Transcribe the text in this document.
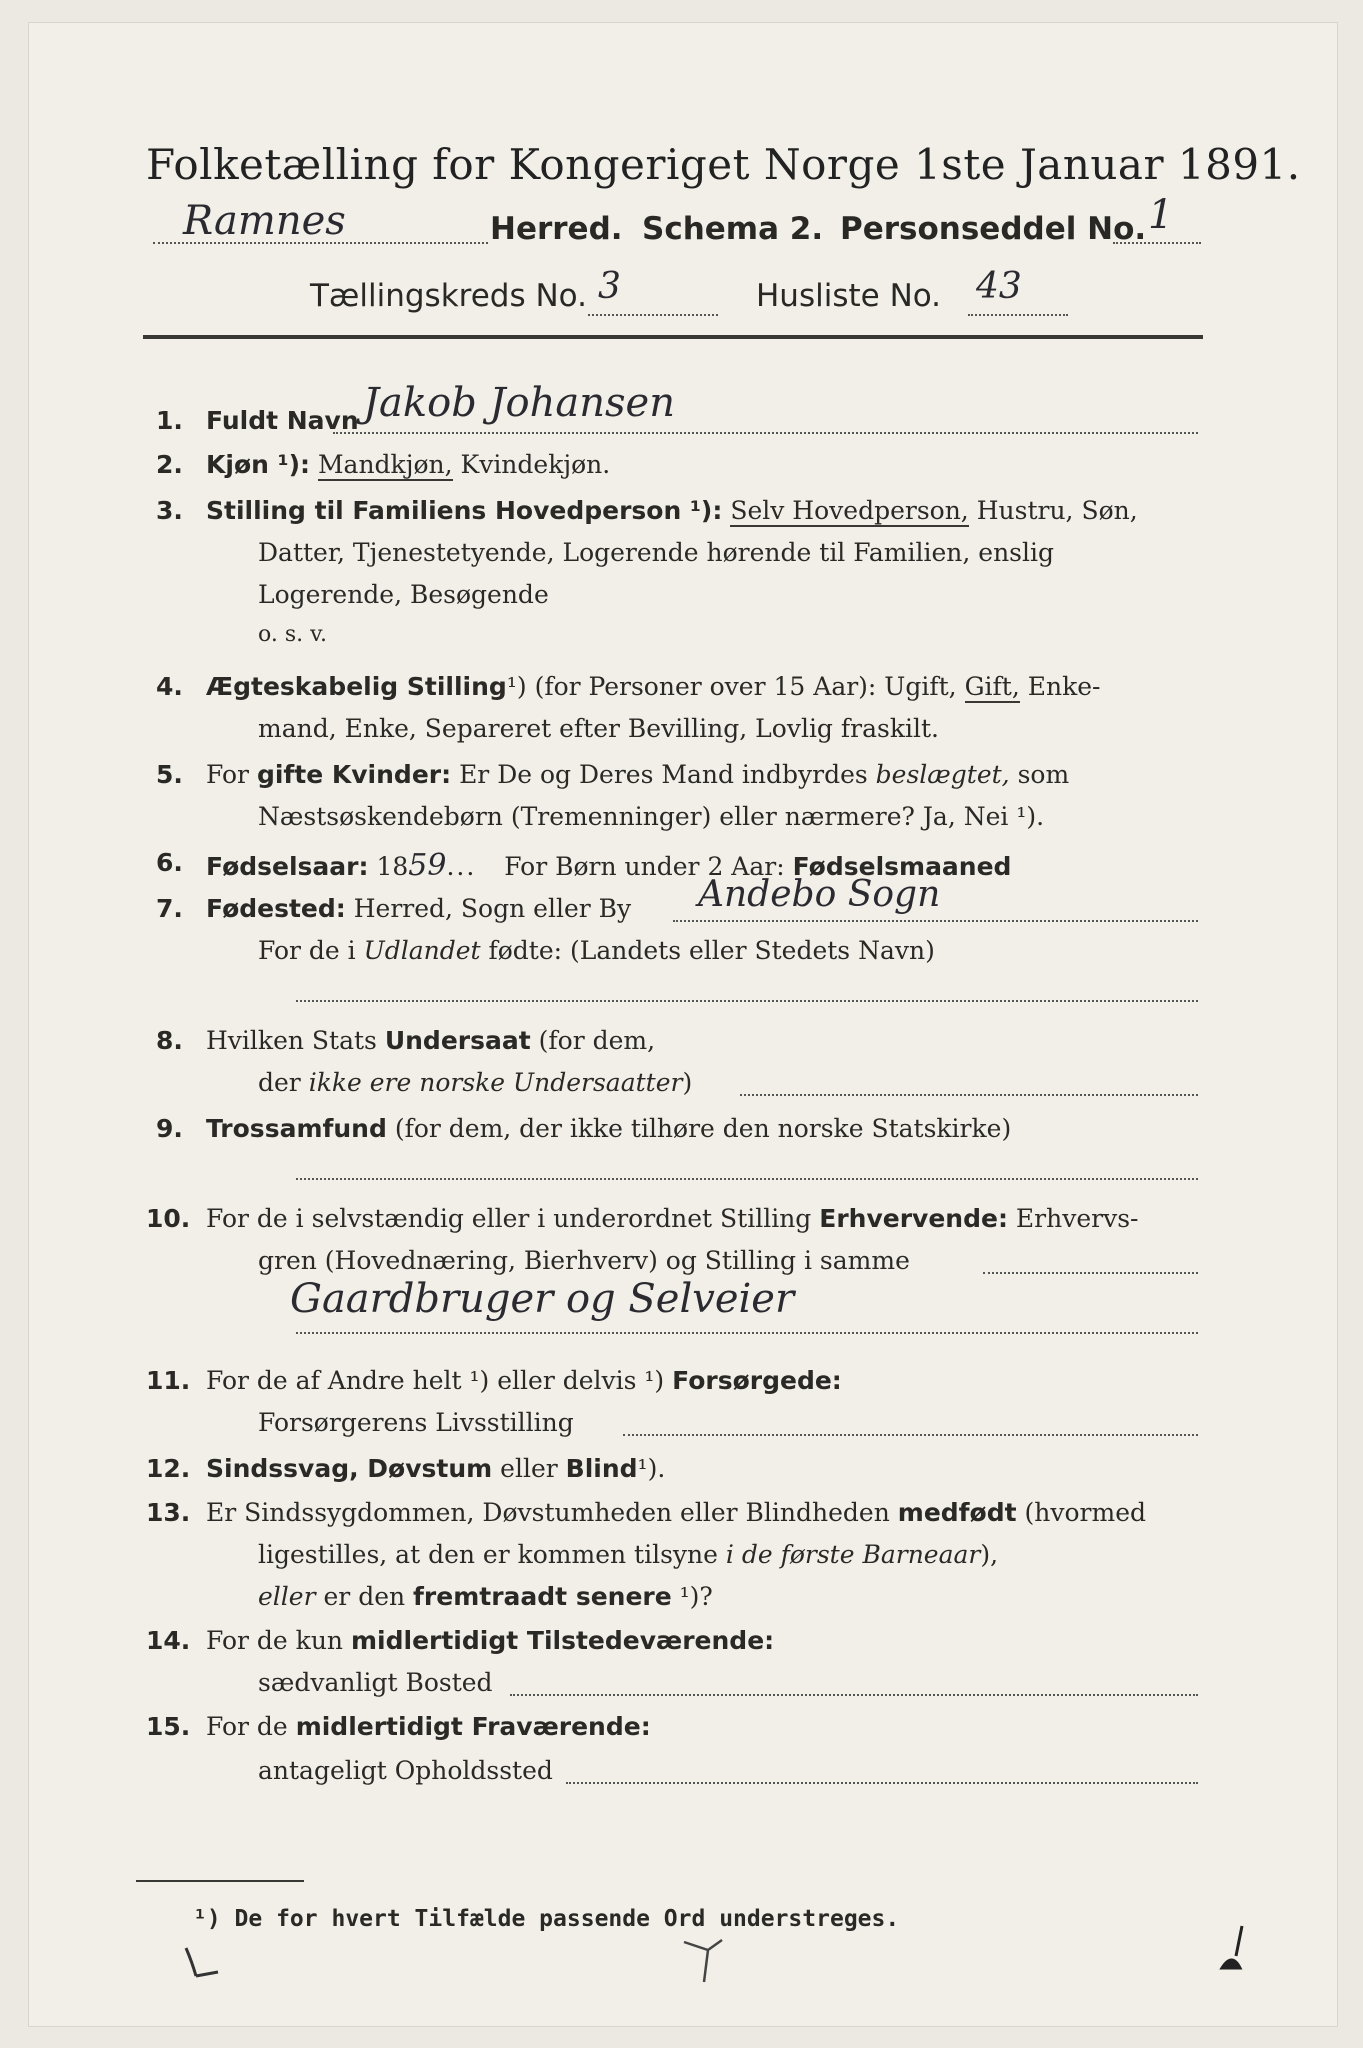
Folketælling for Kongeriget Norge 1ste Januar 1891.
Ramnes	Herred. Schema 2. Personseddel No. 1
Tællingskreds No. 3	Husliste No. 43
1. Fuldt Navn Jakob Johansen
2. Kjøn ¹): Mandkjøn, Kvindekjøn.
3. Stilling til Familiens Hovedperson ¹): Selv Hovedperson, Hustru, Søn,
Datter, Tjenestetyende, Logerende hørende til Familien, enslig
Logerende, Besøgende
o. s. v.
4. Ægteskabelig Stilling¹) (for Personer over 15 Aar): Ugift, Gift, Enke-
mand, Enke, Separeret efter Bevilling, Lovlig fraskilt.
5. For gifte Kvinder: Er De og Deres Mand indbyrdes beslægtet, som
Næstsøskendebørn (Tremenninger) eller nærmere? Ja, Nei ¹).
6. Fødselsaar: 1859... For Børn under 2 Aar: Fødselsmaaned
7. Fødested: Herred, Sogn eller By Andebo Sogn
For de i Udlandet fødte: (Landets eller Stedets Navn)
8. Hvilken Stats Undersaat (for dem,
der ikke ere norske Undersaatter)
9. Trossamfund (for dem, der ikke tilhøre den norske Statskirke)
10. For de i selvstændig eller i underordnet Stilling Erhvervende: Erhvervs-
gren (Hovednæring, Bierhverv) og Stilling i samme
Gaardbruger og Selveier
11. For de af Andre helt ¹) eller delvis ¹) Forsørgede:
Forsørgerens Livsstilling
12. Sindssvag, Døvstum eller Blind¹).
13. Er Sindssygdommen, Døvstumheden eller Blindheden medfødt (hvormed
ligestilles, at den er kommen tilsyne i de første Barneaar),
eller er den fremtraadt senere ¹)?
14. For de kun midlertidigt Tilstedeværende:
sædvanligt Bosted
15. For de midlertidigt Fraværende:
antageligt Opholdssted
¹) De for hvert Tilfælde passende Ord understreges.
